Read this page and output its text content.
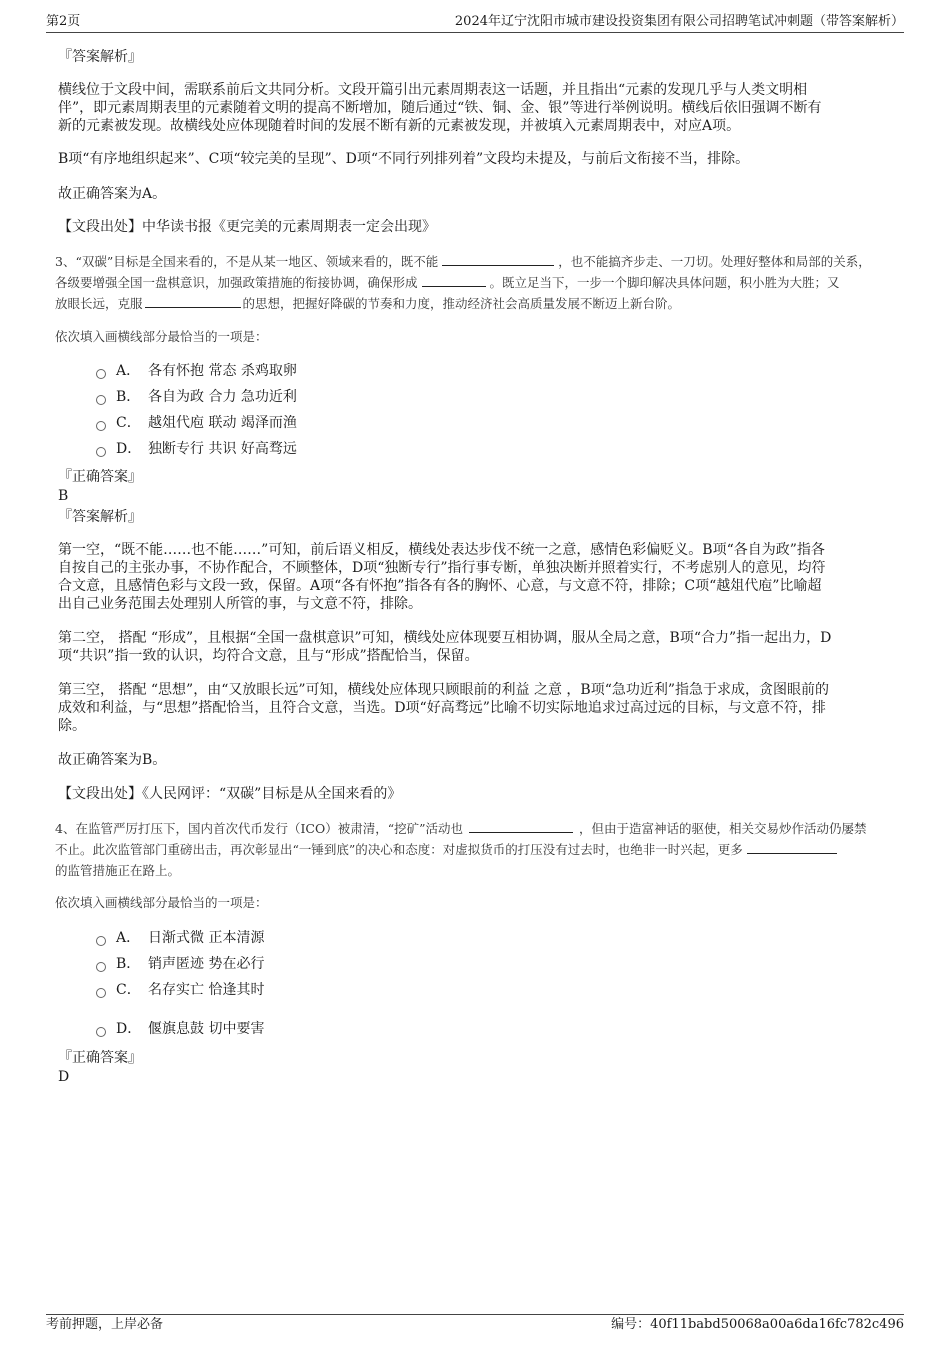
第2页	2024年辽宁沈阳市城市建设投资集团有限公司招聘笔试冲刺题（带答案解析）
『答案解析』
横线位于文段中间，需联系前后文共同分析。文段开篇引出元素周期表这一话题，并且指出“元素的发现几乎与人类文明相
伴”，即元素周期表里的元素随着文明的提高不断增加，随后通过“铁、铜、金、银”等进行举例说明。横线后依旧强调不断有
新的元素被发现。故横线处应体现随着时间的发展不断有新的元素被发现，并被填入元素周期表中，对应A项。
B项“有序地组织起来”、C项“较完美的呈现”、D项“不同行列排列着”文段均未提及，与前后文衔接不当，排除。
故正确答案为A。
【文段出处】中华读书报《更完美的元素周期表一定会出现》
3、“双碳”目标是全国来看的，不是从某一地区、领域来看的，既不能	，也不能搞齐步走、一刀切。处理好整体和局部的关系，
各级要增强全国一盘棋意识，加强政策措施的衔接协调，确保形成	。既立足当下，一步一个脚印解决具体问题，积小胜为大胜；又
放眼长远，克服	的思想，把握好降碳的节奏和力度，推动经济社会高质量发展不断迈上新台阶。
依次填入画横线部分最恰当的一项是：
A． 各有怀抱 常态 杀鸡取卵
B． 各自为政 合力 急功近利
C． 越俎代庖 联动 竭泽而渔
D． 独断专行 共识 好高骛远
『正确答案』
B
『答案解析』
第一空，“既不能……也不能……”可知，前后语义相反，横线处表达步伐不统一之意，感情色彩偏贬义。B项“各自为政”指各
自按自己的主张办事，不协作配合，不顾整体，D项“独断专行”指行事专断，单独决断并照着实行，不考虑别人的意见，均符
合文意，且感情色彩与文段一致，保留。A项“各有怀抱”指各有各的胸怀、心意，与文意不符，排除；C项“越俎代庖”比喻超
出自己业务范围去处理别人所管的事，与文意不符，排除。
第二空， 搭配 “形成”，且根据“全国一盘棋意识”可知，横线处应体现要互相协调，服从全局之意，B项“合力”指一起出力，D
项“共识”指一致的认识，均符合文意，且与“形成”搭配恰当，保留。
第三空， 搭配 “思想”，由“又放眼长远”可知，横线处应体现只顾眼前的利益 之意 ，B项“急功近利”指急于求成，贪图眼前的
成效和利益，与“思想”搭配恰当，且符合文意，当选。D项“好高骛远”比喻不切实际地追求过高过远的目标，与文意不符，排
除。
故正确答案为B。
【文段出处】《人民网评：“双碳”目标是从全国来看的》
4、在监管严厉打压下，国内首次代币发行（ICO）被肃清，“挖矿”活动也	，但由于造富神话的驱使，相关交易炒作活动仍屡禁
不止。此次监管部门重磅出击，再次彰显出“一锤到底”的决心和态度：对虚拟货币的打压没有过去时，也绝非一时兴起，更多
的监管措施正在路上。
依次填入画横线部分最恰当的一项是：
A． 日渐式微 正本清源
B． 销声匿迹 势在必行
C． 名存实亡 恰逢其时
D． 偃旗息鼓 切中要害
『正确答案』
D
考前押题，上岸必备	编号：40f11babd50068a00a6da16fc782c496
